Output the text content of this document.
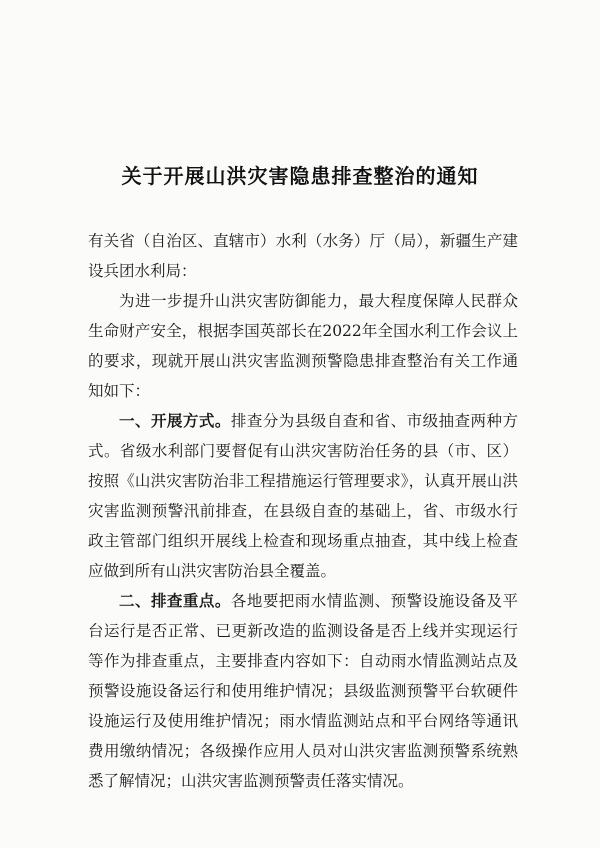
关于开展山洪灾害隐患排查整治的通知

有关省（自治区、直辖市）水利（水务）厅（局），新疆生产建设兵团水利局：

为进一步提升山洪灾害防御能力，最大程度保障人民群众生命财产安全，根据李国英部长在2022年全国水利工作会议上的要求，现就开展山洪灾害监测预警隐患排查整治有关工作通知如下：

一、开展方式。排查分为县级自查和省、市级抽查两种方式。省级水利部门要督促有山洪灾害防治任务的县（市、区）按照《山洪灾害防治非工程措施运行管理要求》，认真开展山洪灾害监测预警汛前排查，在县级自查的基础上，省、市级水行政主管部门组织开展线上检查和现场重点抽查，其中线上检查应做到所有山洪灾害防治县全覆盖。

二、排查重点。各地要把雨水情监测、预警设施设备及平台运行是否正常、已更新改造的监测设备是否上线并实现运行等作为排查重点，主要排查内容如下：自动雨水情监测站点及预警设施设备运行和使用维护情况；县级监测预警平台软硬件设施运行及使用维护情况；雨水情监测站点和平台网络等通讯费用缴纳情况；各级操作应用人员对山洪灾害监测预警系统熟悉了解情况；山洪灾害监测预警责任落实情况。
